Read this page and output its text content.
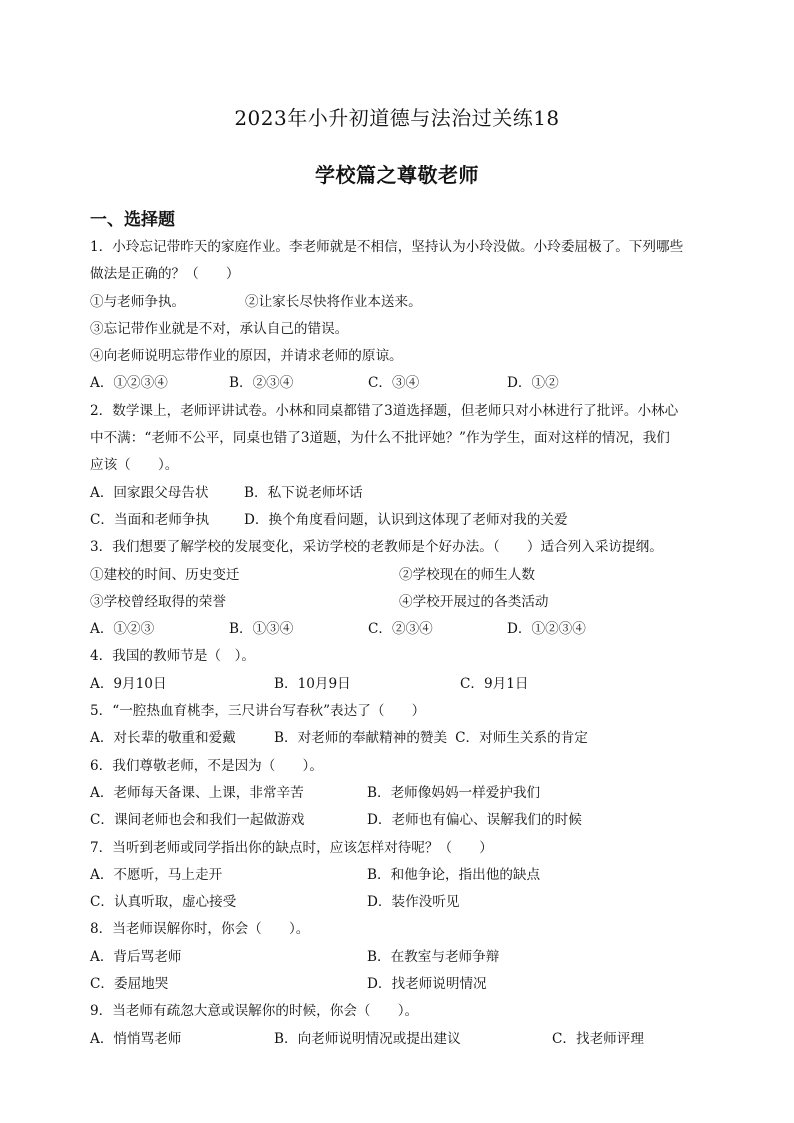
2023年小升初道德与法治过关练18
学校篇之尊敬老师
一、选择题
1．小玲忘记带昨天的家庭作业。李老师就是不相信，坚持认为小玲没做。小玲委屈极了。下列哪些
做法是正确的？（　　）
①与老师争执。	②让家长尽快将作业本送来。
③忘记带作业就是不对，承认自己的错误。
④向老师说明忘带作业的原因，并请求老师的原谅。
A．①②③④	B．②③④	C．③④	D．①②
2．数学课上，老师评讲试卷。小林和同桌都错了3道选择题，但老师只对小林进行了批评。小林心
中不满：“老师不公平，同桌也错了3道题，为什么不批评她？”作为学生，面对这样的情况，我们
应该（　　）。
A．回家跟父母告状	B．私下说老师坏话
C．当面和老师争执	D．换个角度看问题，认识到这体现了老师对我的关爱
3．我们想要了解学校的发展变化，采访学校的老教师是个好办法。（　　）适合列入采访提纲。
①建校的时间、历史变迁	②学校现在的师生人数
③学校曾经取得的荣誉	④学校开展过的各类活动
A．①②③	B．①③④	C．②③④	D．①②③④
4．我国的教师节是（　）。
A．9月10日	B．10月9日	C．9月1日
5．“一腔热血育桃李，三尺讲台写春秋”表达了（　　）
A．对长辈的敬重和爱戴	B．对老师的奉献精神的赞美 C．对师生关系的肯定
6．我们尊敬老师，不是因为（　　）。
A．老师每天备课、上课，非常辛苦	B．老师像妈妈一样爱护我们
C．课间老师也会和我们一起做游戏	D．老师也有偏心、误解我们的时候
7．当听到老师或同学指出你的缺点时，应该怎样对待呢？（　　）
A．不愿听，马上走开	B．和他争论，指出他的缺点
C．认真听取，虚心接受	D．装作没听见
8．当老师误解你时，你会（　　）。
A．背后骂老师	B．在教室与老师争辩
C．委屈地哭	D．找老师说明情况
9．当老师有疏忽大意或误解你的时候，你会（　　）。
A．悄悄骂老师	B．向老师说明情况或提出建议	C．找老师评理
